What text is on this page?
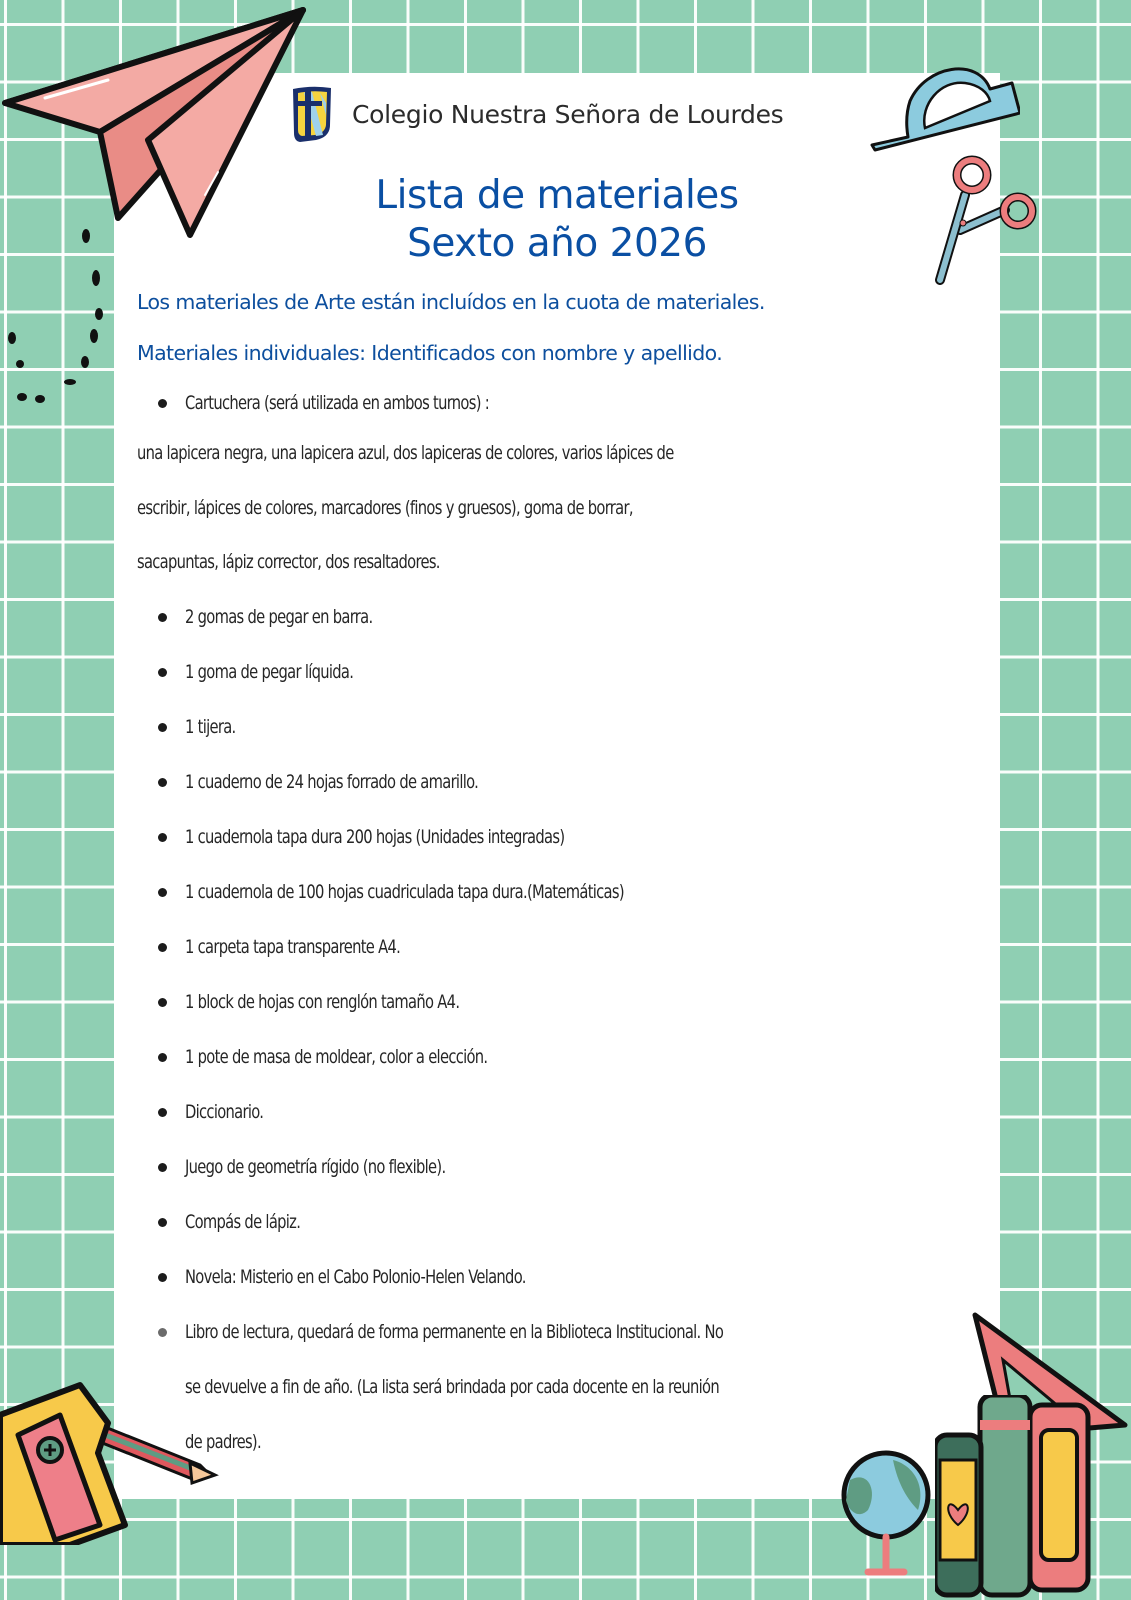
Colegio Nuestra Señora de Lourdes
Lista de materiales
Sexto año 2026
Los materiales de Arte están incluídos en la cuota de materiales.
Materiales individuales: Identificados con nombre y apellido.
Cartuchera (será utilizada en ambos turnos) :
una lapicera negra, una lapicera azul, dos lapiceras de colores, varios lápices de
escribir, lápices de colores, marcadores (finos y gruesos), goma de borrar,
sacapuntas, lápiz corrector, dos resaltadores.
2 gomas de pegar en barra.
1 goma de pegar líquida.
1 tijera.
1 cuaderno de 24 hojas forrado de amarillo.
1 cuadernola tapa dura 200 hojas (Unidades integradas)
1 cuadernola de 100 hojas cuadriculada tapa dura.(Matemáticas)
1 carpeta tapa transparente A4.
1 block de hojas con renglón tamaño A4.
1 pote de masa de moldear, color a elección.
Diccionario.
Juego de geometría rígido (no flexible).
Compás de lápiz.
Novela: Misterio en el Cabo Polonio-Helen Velando.
Libro de lectura, quedará de forma permanente en la Biblioteca Institucional. No
se devuelve a fin de año. (La lista será brindada por cada docente en la reunión
de padres).
